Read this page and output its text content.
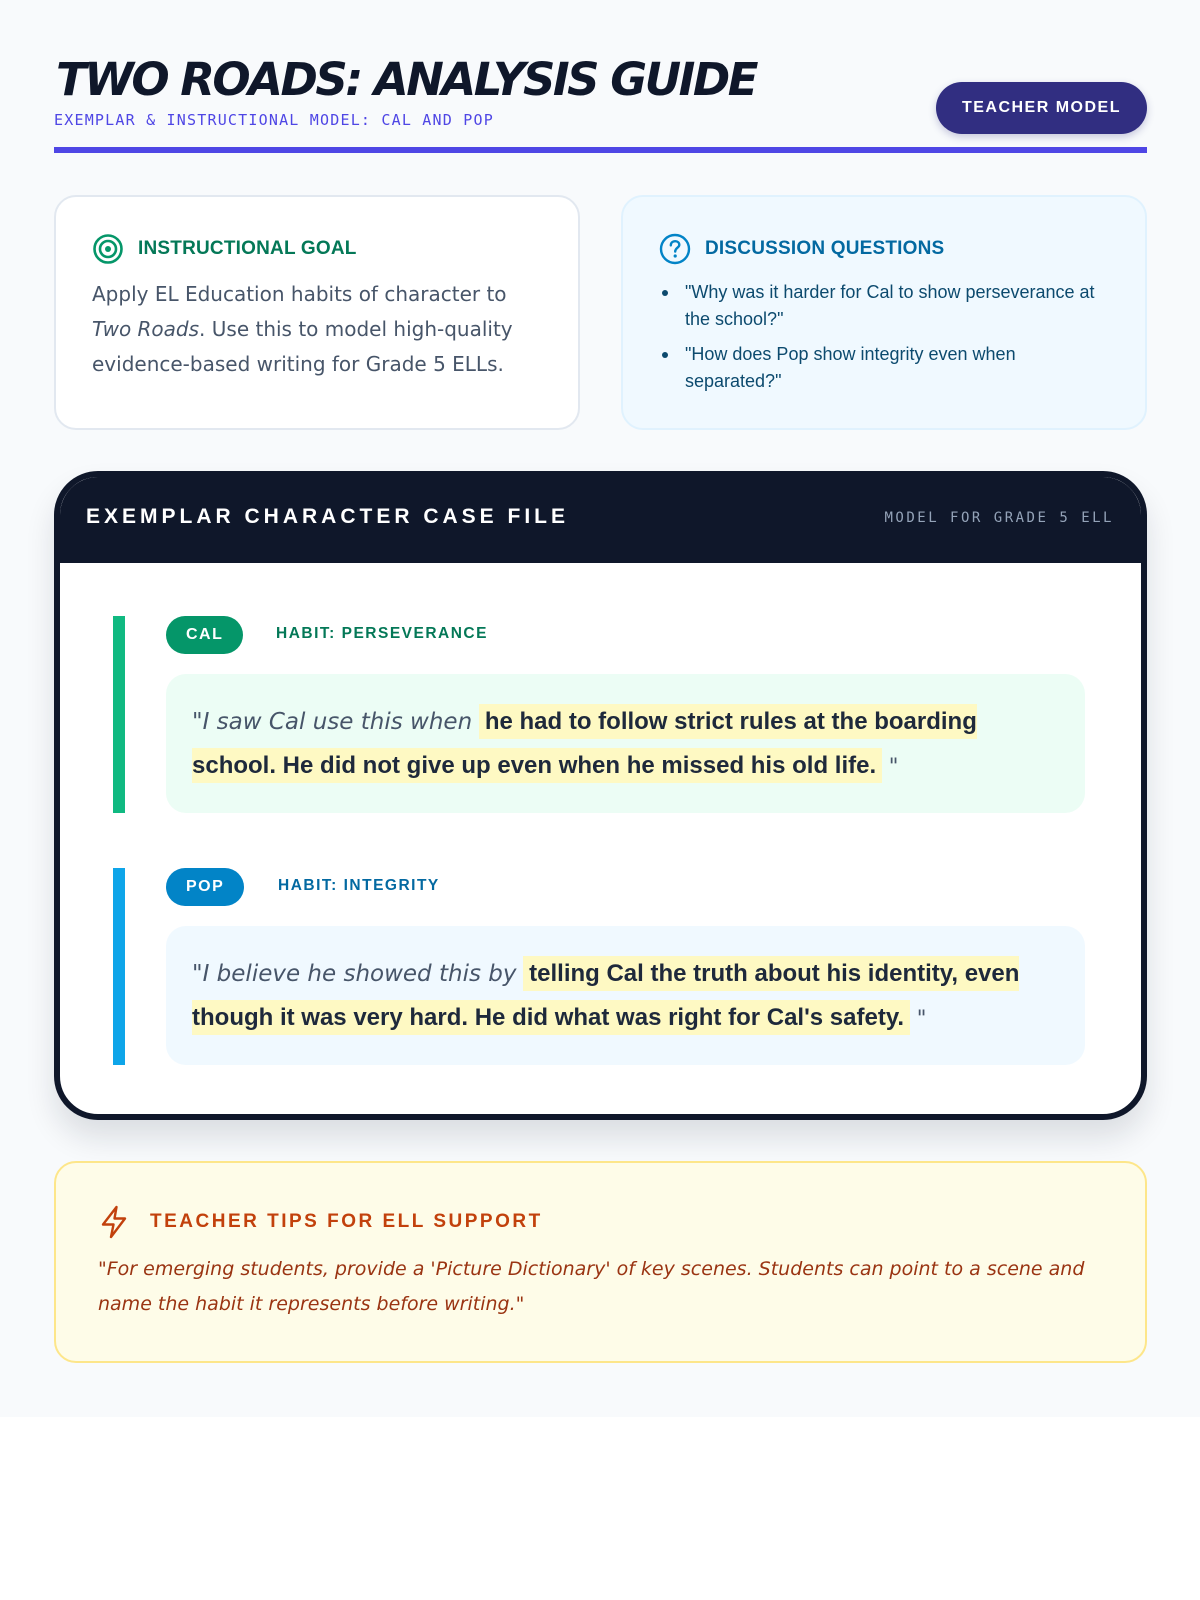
TWO ROADS: ANALYSIS GUIDE
EXEMPLAR & INSTRUCTIONAL MODEL: CAL AND POP
TEACHER MODEL
INSTRUCTIONAL GOAL

Apply EL Education habits of character to Two Roads. Use this to model high-quality evidence-based writing for Grade 5 ELLs.

DISCUSSION QUESTIONS
"Why was it harder for Cal to show perseverance at the school?"
"How does Pop show integrity even when separated?"
EXEMPLAR CHARACTER CASE FILE	MODEL FOR GRADE 5 ELL
CAL	HABIT: PERSEVERANCE
"I saw Cal use this when he had to follow strict rules at the boarding school. He did not give up even when he missed his old life. "
POP	HABIT: INTEGRITY
"I believe he showed this by telling Cal the truth about his identity, even though it was very hard. He did what was right for Cal's safety. "
TEACHER TIPS FOR ELL SUPPORT

"For emerging students, provide a 'Picture Dictionary' of key scenes. Students can point to a scene and name the habit it represents before writing."
